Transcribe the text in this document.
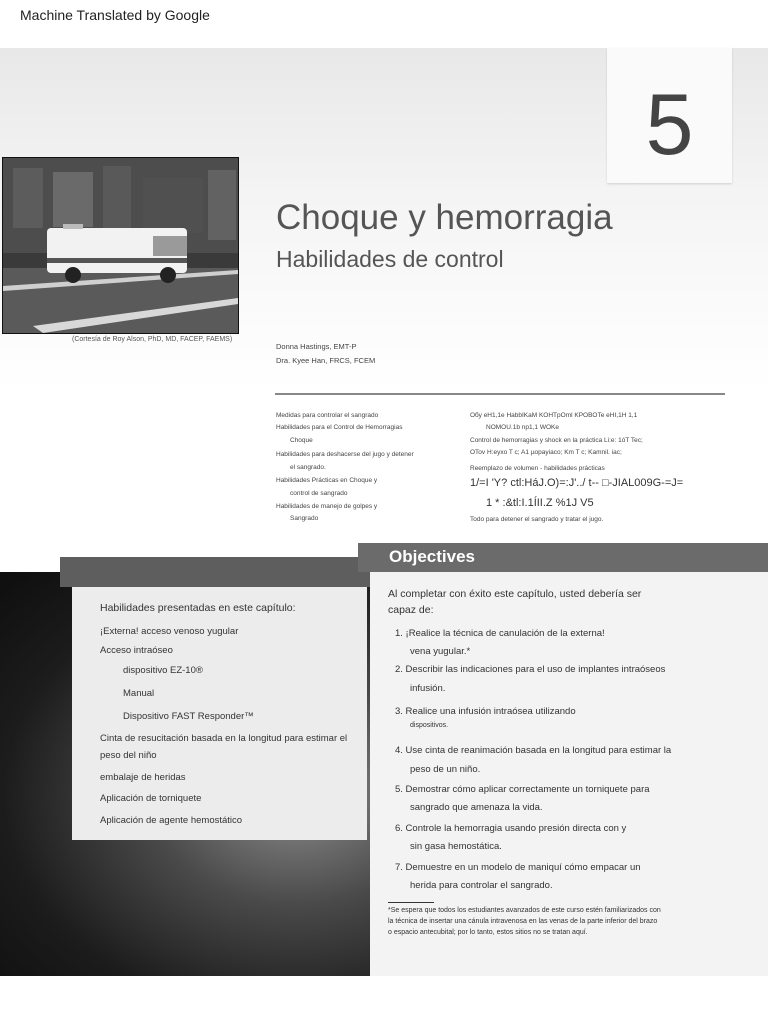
Machine Translated by Google
5
(Cortesía de Roy Alson, PhD, MD, FACEP, FAEMS)
Choque y hemorragia
Habilidades de control
Donna Hastings, EMT-P
Dra. Kyee Han, FRCS, FCEM
Medidas para controlar el sangrado
Habilidades para el Control de Hemorragias
Choque
Habilidades para deshacerse del jugo y detener
el sangrado.
Habilidades Prácticas en Choque y
control de sangrado
Habilidades de manejo de golpes y
Sangrado
Обу eH1,1e HabbIKaM KOHTpOml KPOBOTe eHI,1H 1,1
NOMOU.1b np1,1 WOKe
Control de hemorragias y shock en la práctica Li:e: 1óT Tec;
OTov H:eyxo T c; A1 µopayiaco; Km T c; Kamnil. iac;
Reemplazo de volumen - habilidades prácticas
1/=I 'Y? ctl:HáJ.O)=:J'../ t-- □-JIAL009G-=J=
1 * :&tl:I.1ÍII.Z %1J V5
Todo para detener el sangrado y tratar el jugo.
Objectives
Habilidades presentadas en este capítulo:
¡Externa! acceso venoso yugular
Acceso intraóseo
dispositivo EZ-10®
Manual
Dispositivo FAST Responder™
Cinta de resucitación basada en la longitud para estimar el
peso del niño
embalaje de heridas
Aplicación de torniquete
Aplicación de agente hemostático
Al completar con éxito este capítulo, usted debería ser
capaz de:
1. ¡Realice la técnica de canulación de la externa!
vena yugular.*
2. Describir las indicaciones para el uso de implantes intraóseos
infusión.
3. Realice una infusión intraósea utilizando
dispositivos.
4. Use cinta de reanimación basada en la longitud para estimar la
peso de un niño.
5. Demostrar cómo aplicar correctamente un torniquete para
sangrado que amenaza la vida.
6. Controle la hemorragia usando presión directa con y
sin gasa hemostática.
7. Demuestre en un modelo de maniquí cómo empacar un
herida para controlar el sangrado.
*Se espera que todos los estudiantes avanzados de este curso estén familiarizados con
la técnica de insertar una cánula intravenosa en las venas de la parte inferior del brazo
o espacio antecubital; por lo tanto, estos sitios no se tratan aquí.
